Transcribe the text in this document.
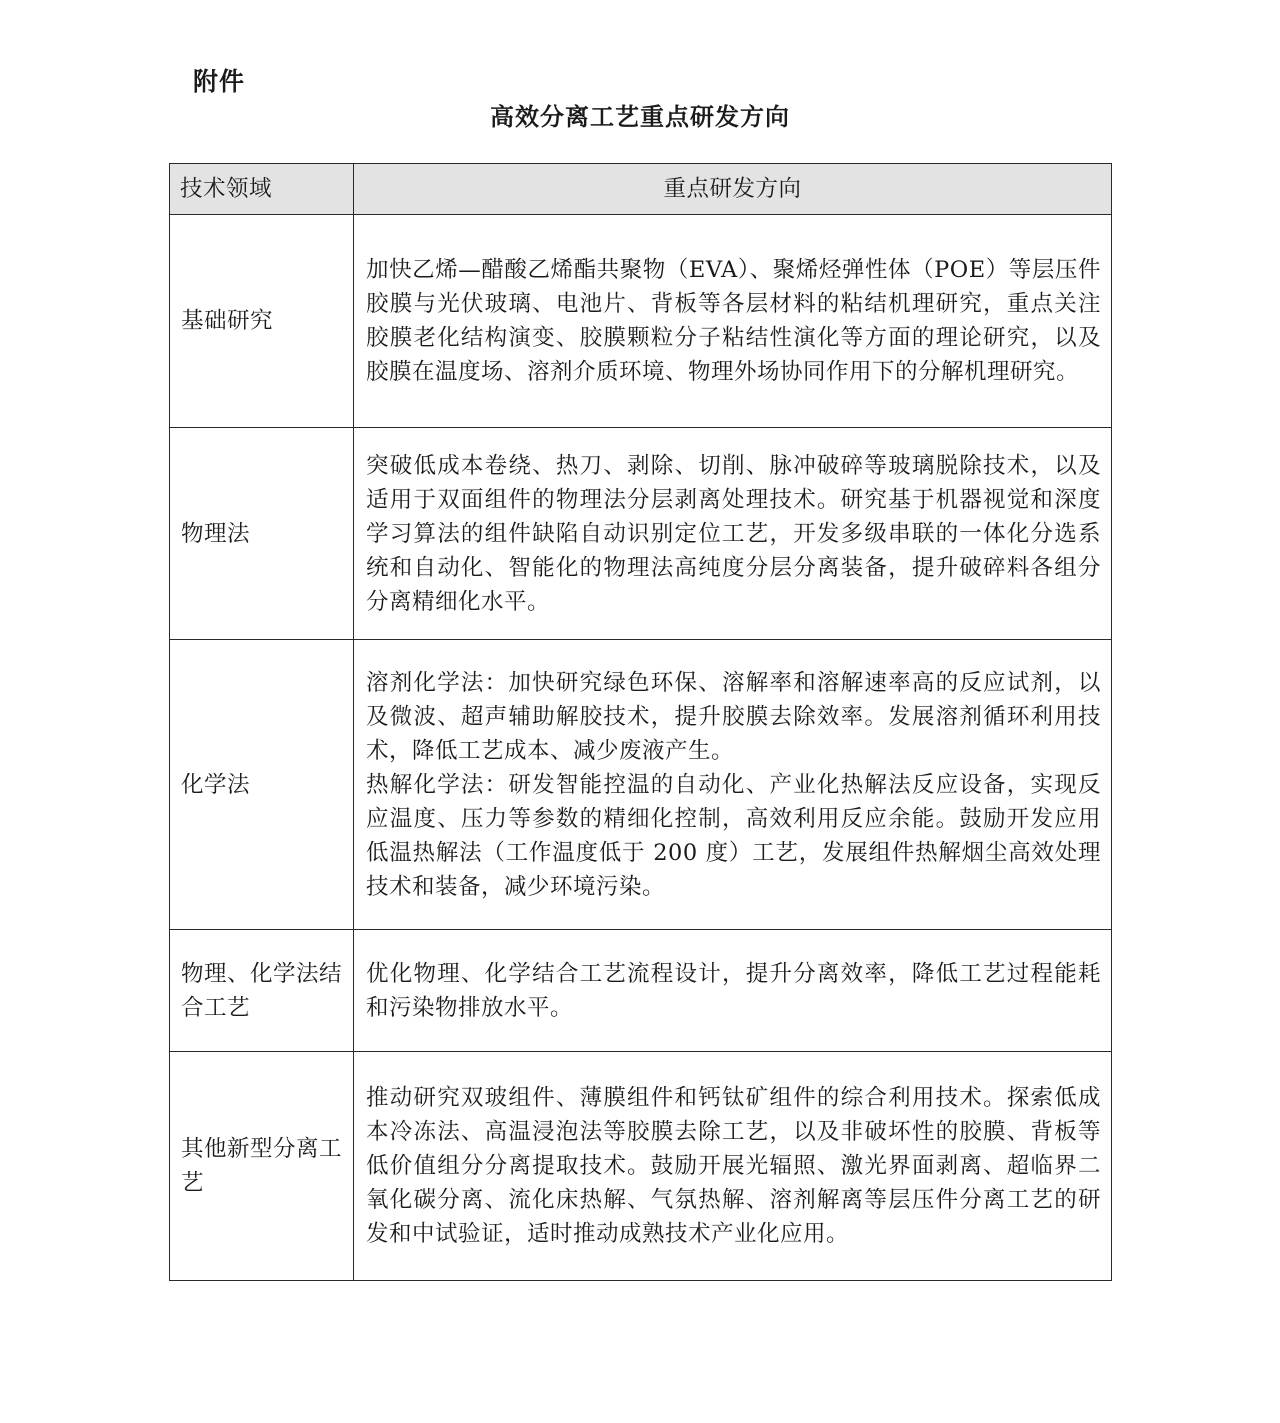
附件
高效分离工艺重点研发方向
技术领域	重点研发方向
基础研究	加快乙烯—醋酸乙烯酯共聚物（EVA）、聚烯烃弹性体（POE）等层压件胶膜与光伏玻璃、电池片、背板等各层材料的粘结机理研究，重点关注胶膜老化结构演变、胶膜颗粒分子粘结性演化等方面的理论研究，以及胶膜在温度场、溶剂介质环境、物理外场协同作用下的分解机理研究。

物理法	突破低成本卷绕、热刀、剥除、切削、脉冲破碎等玻璃脱除技术，以及适用于双面组件的物理法分层剥离处理技术。研究基于机器视觉和深度学习算法的组件缺陷自动识别定位工艺，开发多级串联的一体化分选系统和自动化、智能化的物理法高纯度分层分离装备，提升破碎料各组分分离精细化水平。

化学法	溶剂化学法：加快研究绿色环保、溶解率和溶解速率高的反应试剂，以及微波、超声辅助解胶技术，提升胶膜去除效率。发展溶剂循环利用技术，降低工艺成本、减少废液产生。

热解化学法：研发智能控温的自动化、产业化热解法反应设备，实现反应温度、压力等参数的精细化控制，高效利用反应余能。鼓励开发应用低温热解法（工作温度低于 200 度）工艺，发展组件热解烟尘高效处理技术和装备，减少环境污染。

物理、化学法结合工艺	优化物理、化学结合工艺流程设计，提升分离效率，降低工艺过程能耗和污染物排放水平。

其他新型分离工艺	推动研究双玻组件、薄膜组件和钙钛矿组件的综合利用技术。探索低成本冷冻法、高温浸泡法等胶膜去除工艺，以及非破坏性的胶膜、背板等低价值组分分离提取技术。鼓励开展光辐照、激光界面剥离、超临界二氧化碳分离、流化床热解、气氛热解、溶剂解离等层压件分离工艺的研发和中试验证，适时推动成熟技术产业化应用。
